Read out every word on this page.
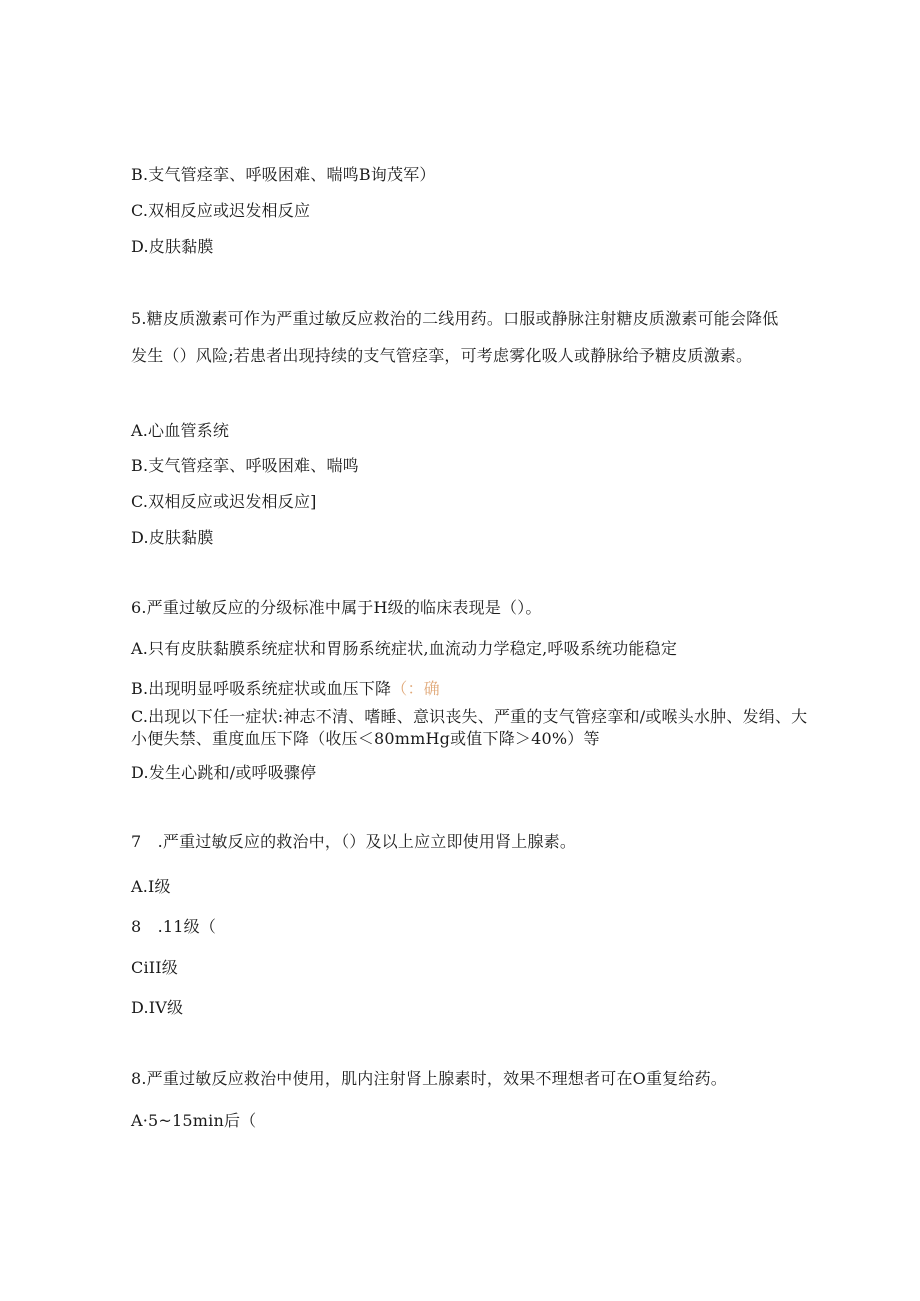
B.支气管痉挛、呼吸困难、喘鸣B询茂军）
C.双相反应或迟发相反应
D.皮肤黏膜
5.糖皮质激素可作为严重过敏反应救治的二线用药。口服或静脉注射糖皮质激素可能会降低发生（）风险;若患者出现持续的支气管痉挛，可考虑雾化吸人或静脉给予糖皮质激素。
A.心血管系统
B.支气管痉挛、呼吸困难、喘鸣
C.双相反应或迟发相反应]
D.皮肤黏膜
6.严重过敏反应的分级标准中属于H级的临床表现是（）。
A.只有皮肤黏膜系统症状和胃肠系统症状,血流动力学稳定,呼吸系统功能稳定
B.出现明显呼吸系统症状或血压下降（：确
C.出现以下任一症状:神志不清、嗜睡、意识丧失、严重的支气管痉挛和/或喉头水肿、发绢、大小便失禁、重度血压下降（收压＜80mmHg或值下降＞40%）等
D.发生心跳和/或呼吸骤停
7　.严重过敏反应的救治中，（）及以上应立即使用肾上腺素。
A.I级
8　.11级（
CiII级
D.IV级
8.严重过敏反应救治中使用，肌内注射肾上腺素时，效果不理想者可在O重复给药。
A·5~15min后（
